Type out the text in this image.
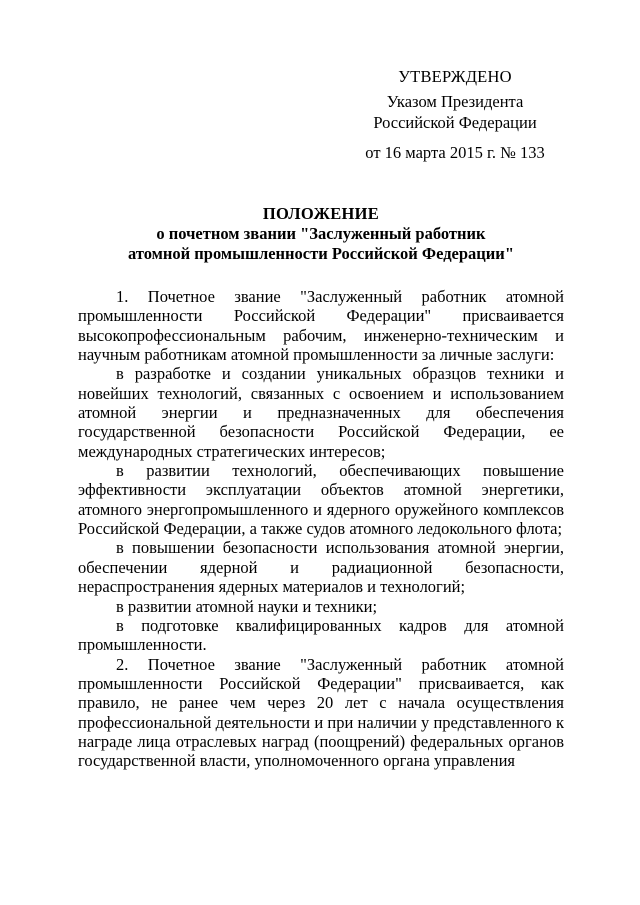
УТВЕРЖДЕНО
Указом Президента
Российской Федерации
от 16 марта 2015 г. № 133
ПОЛОЖЕНИЕ
о почетном звании "Заслуженный работник
атомной промышленности Российской Федерации"

1. Почетное звание "Заслуженный работник атомной промышленности Российской Федерации" присваивается высокопрофессиональным рабочим, инженерно-техническим и научным работникам атомной промышленности за личные заслуги:

в разработке и создании уникальных образцов техники и новейших технологий, связанных с освоением и использованием атомной энергии и предназначенных для обеспечения государственной безопасности Российской Федерации, ее международных стратегических интересов;

в развитии технологий, обеспечивающих повышение эффективности эксплуатации объектов атомной энергетики, атомного энергопромышленного и ядерного оружейного комплексов Российской Федерации, а также судов атомного ледокольного флота;

в повышении безопасности использования атомной энергии, обеспечении ядерной и радиационной безопасности, нераспространения ядерных материалов и технологий;

в развитии атомной науки и техники;

в подготовке квалифицированных кадров для атомной промышленности.

2. Почетное звание "Заслуженный работник атомной промышленности Российской Федерации" присваивается, как правило, не ранее чем через 20 лет с начала осуществления профессиональной деятельности и при наличии у представленного к награде лица отраслевых наград (поощрений) федеральных органов государственной власти, уполномоченного органа управления
